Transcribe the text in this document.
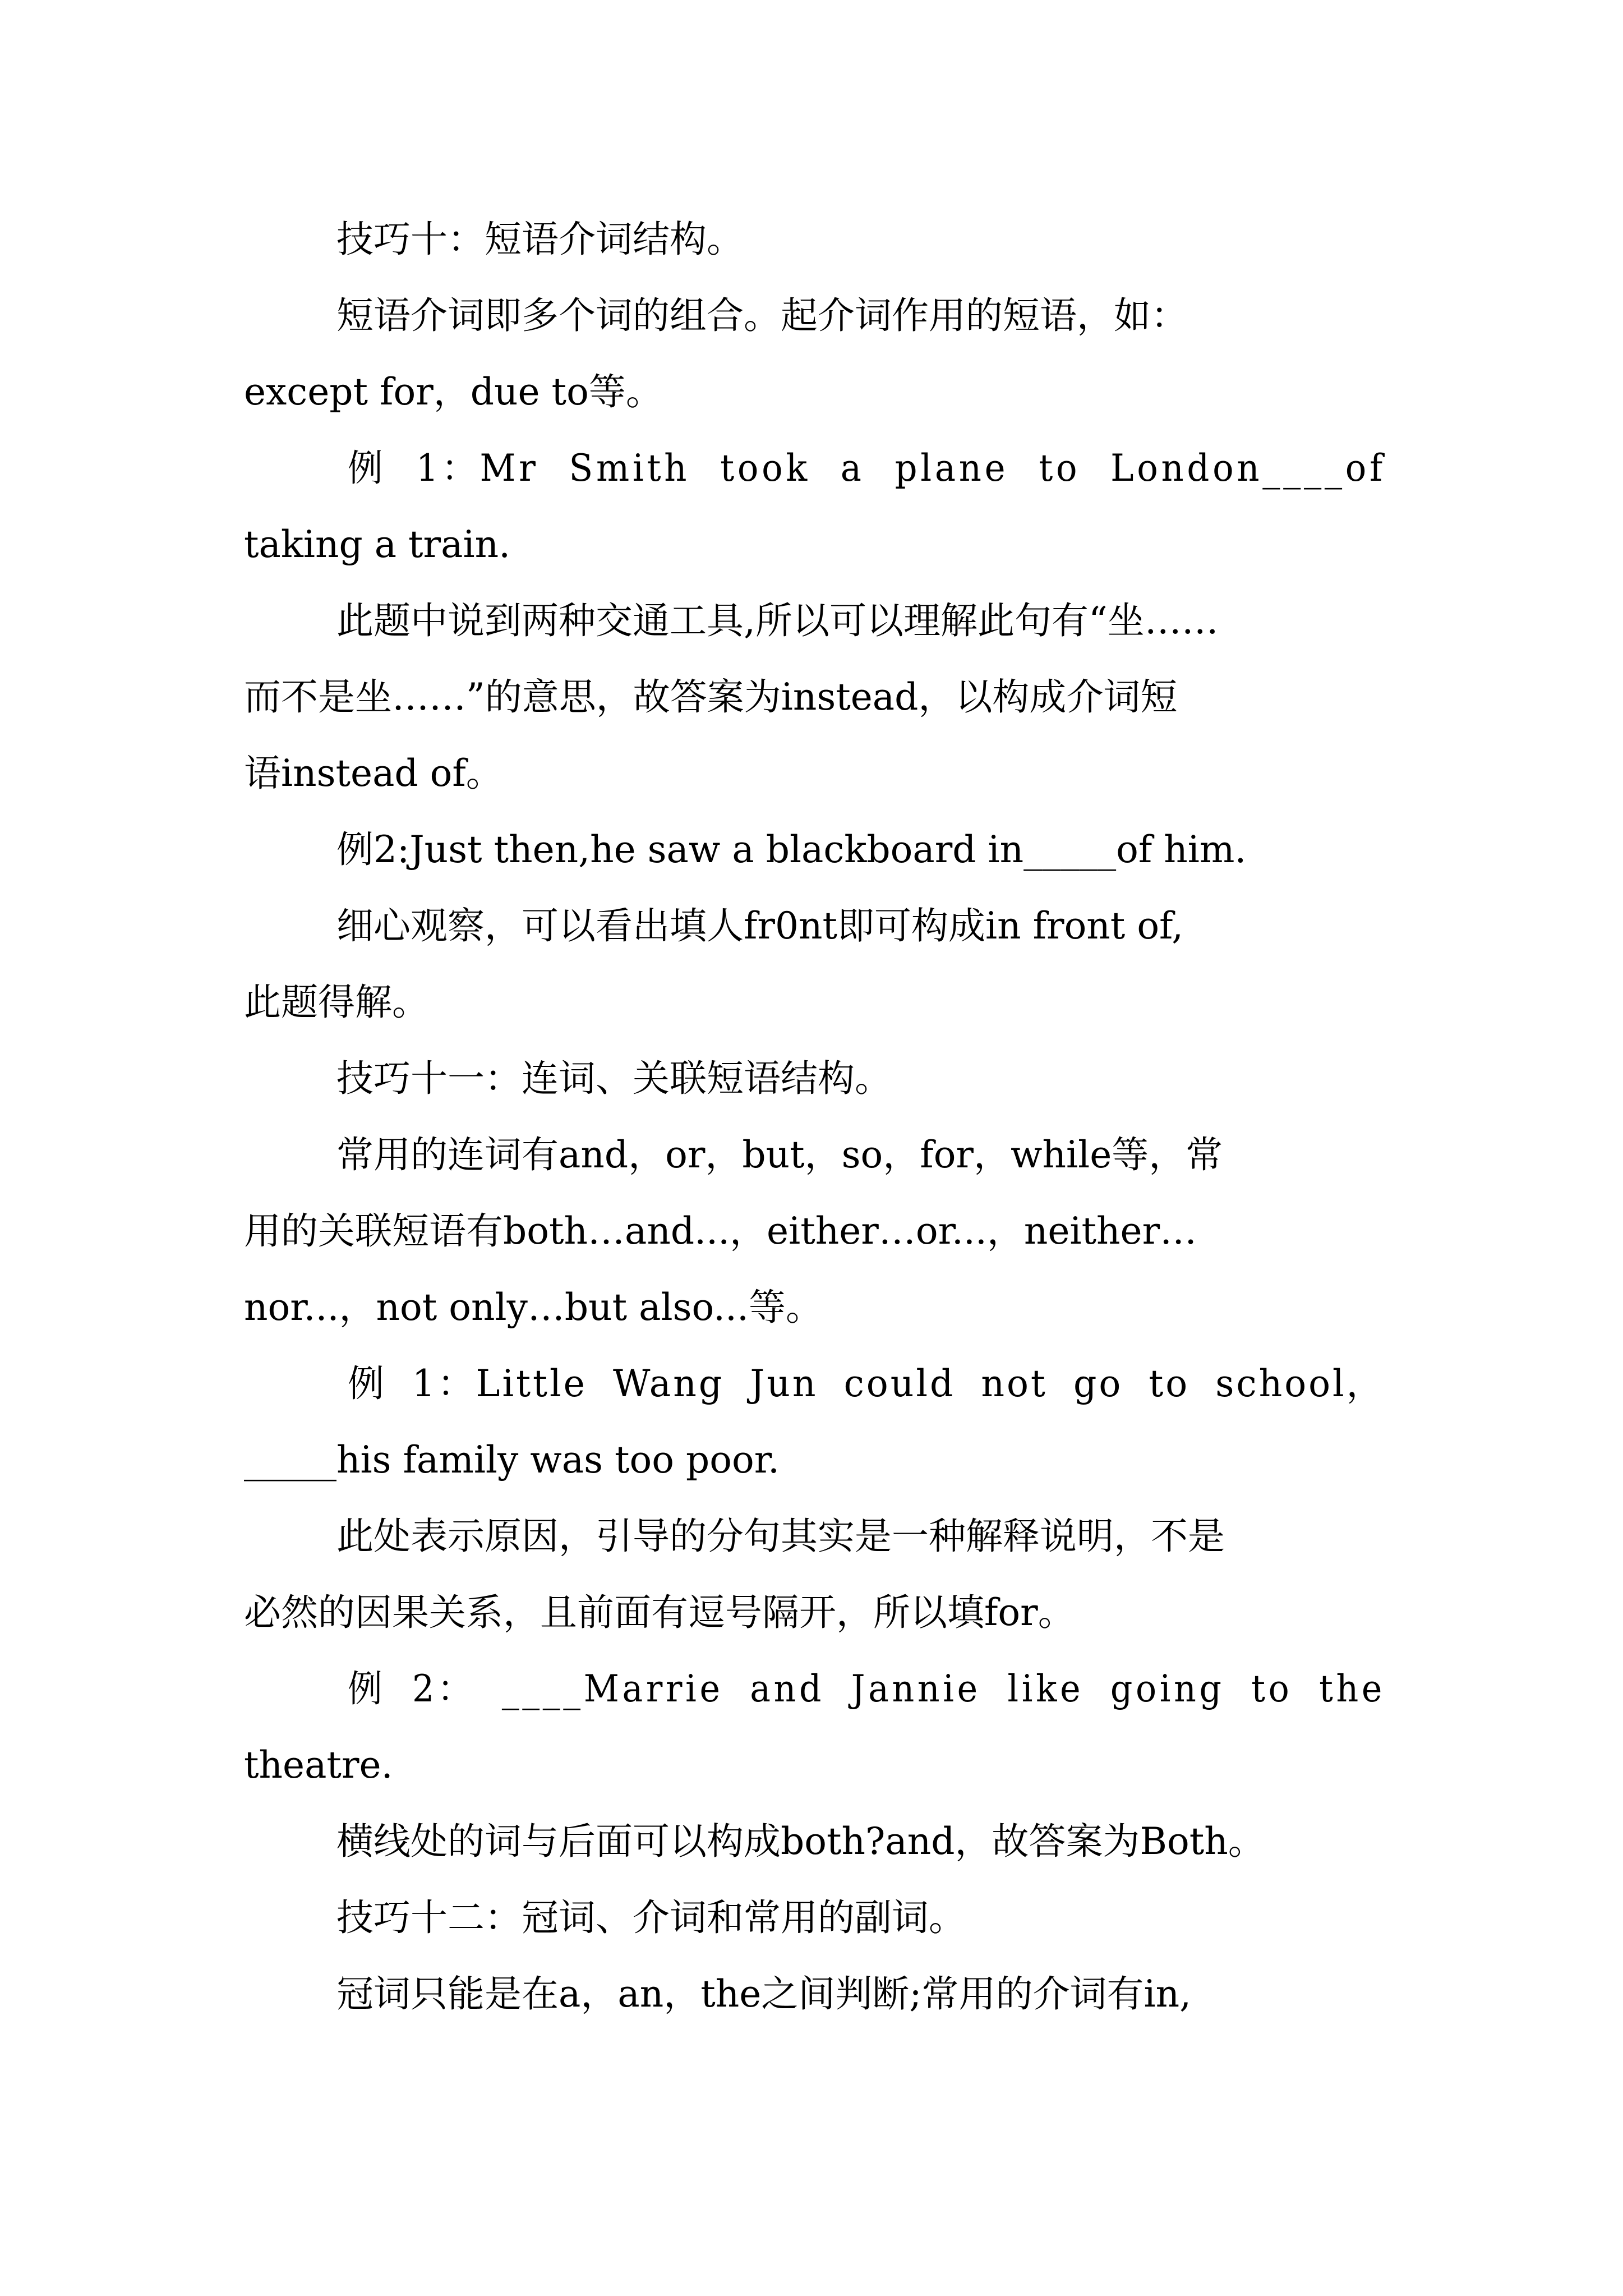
技巧十：短语介词结构。
短语介词即多个词的组合。起介词作用的短语，如：
except for，due to等。
例 1：Mr Smith took a plane to London____of
taking a train.
此题中说到两种交通工具,所以可以理解此句有“坐……
而不是坐……”的意思，故答案为instead，以构成介词短
语instead of。
例2:Just then,he saw a blackboard in_____of him.
细心观察，可以看出填人fr0nt即可构成in front of,
此题得解。
技巧十一：连词、关联短语结构。
常用的连词有and，or，but，so，for，while等，常
用的关联短语有both…and...，either…or...，neither…
nor...，not only…but also...等。
例 1：Little Wang Jun could not go to school，
_____his family was too poor.
此处表示原因，引导的分句其实是一种解释说明，不是
必然的因果关系，且前面有逗号隔开，所以填for。
例 2： ____Marrie and Jannie like going to the
theatre.
横线处的词与后面可以构成both?and，故答案为Both。
技巧十二：冠词、介词和常用的副词。
冠词只能是在a，an，the之间判断;常用的介词有in,
